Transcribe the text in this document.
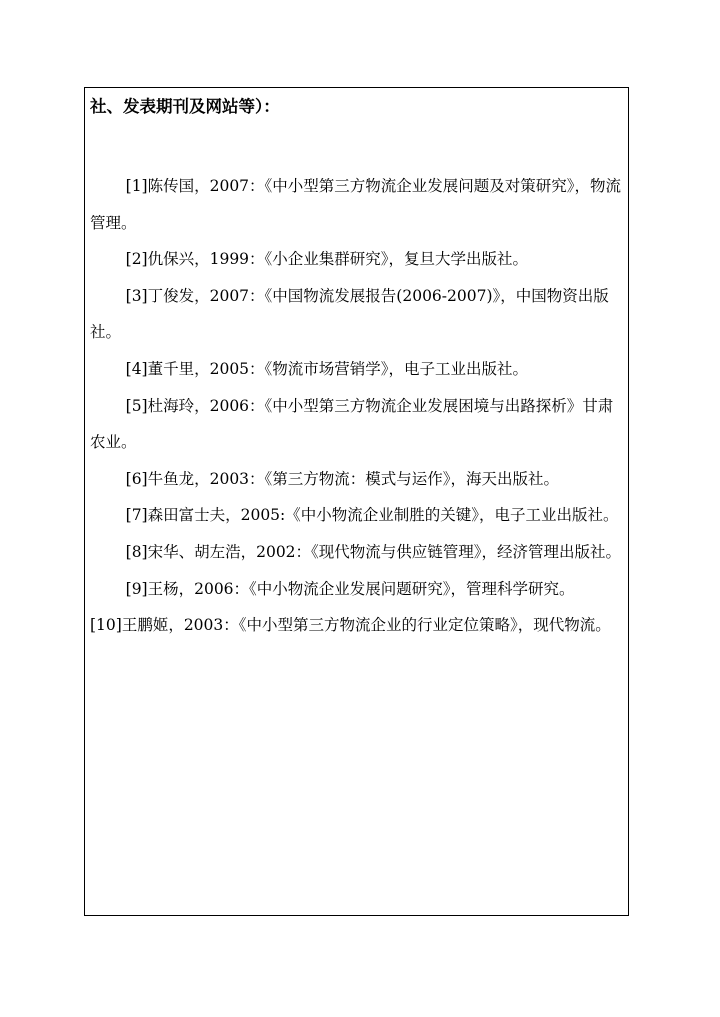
社、发表期刊及网站等）：

[1]陈传国，2007：《中小型第三方物流企业发展问题及对策研究》，物流管理。

[2]仇保兴，1999：《小企业集群研究》，复旦大学出版社。

[3]丁俊发，2007：《中国物流发展报告(2006-2007)》，中国物资出版社。

[4]董千里，2005：《物流市场营销学》，电子工业出版社。

[5]杜海玲，2006：《中小型第三方物流企业发展困境与出路探析》甘肃农业。

[6]牛鱼龙，2003：《第三方物流：模式与运作》，海天出版社。

[7]森田富士夫，2005:《中小物流企业制胜的关键》，电子工业出版社。

[8]宋华、胡左浩，2002：《现代物流与供应链管理》，经济管理出版社。

[9]王杨，2006：《中小物流企业发展问题研究》，管理科学研究。

[10]王鹏姬，2003：《中小型第三方物流企业的行业定位策略》，现代物流。
